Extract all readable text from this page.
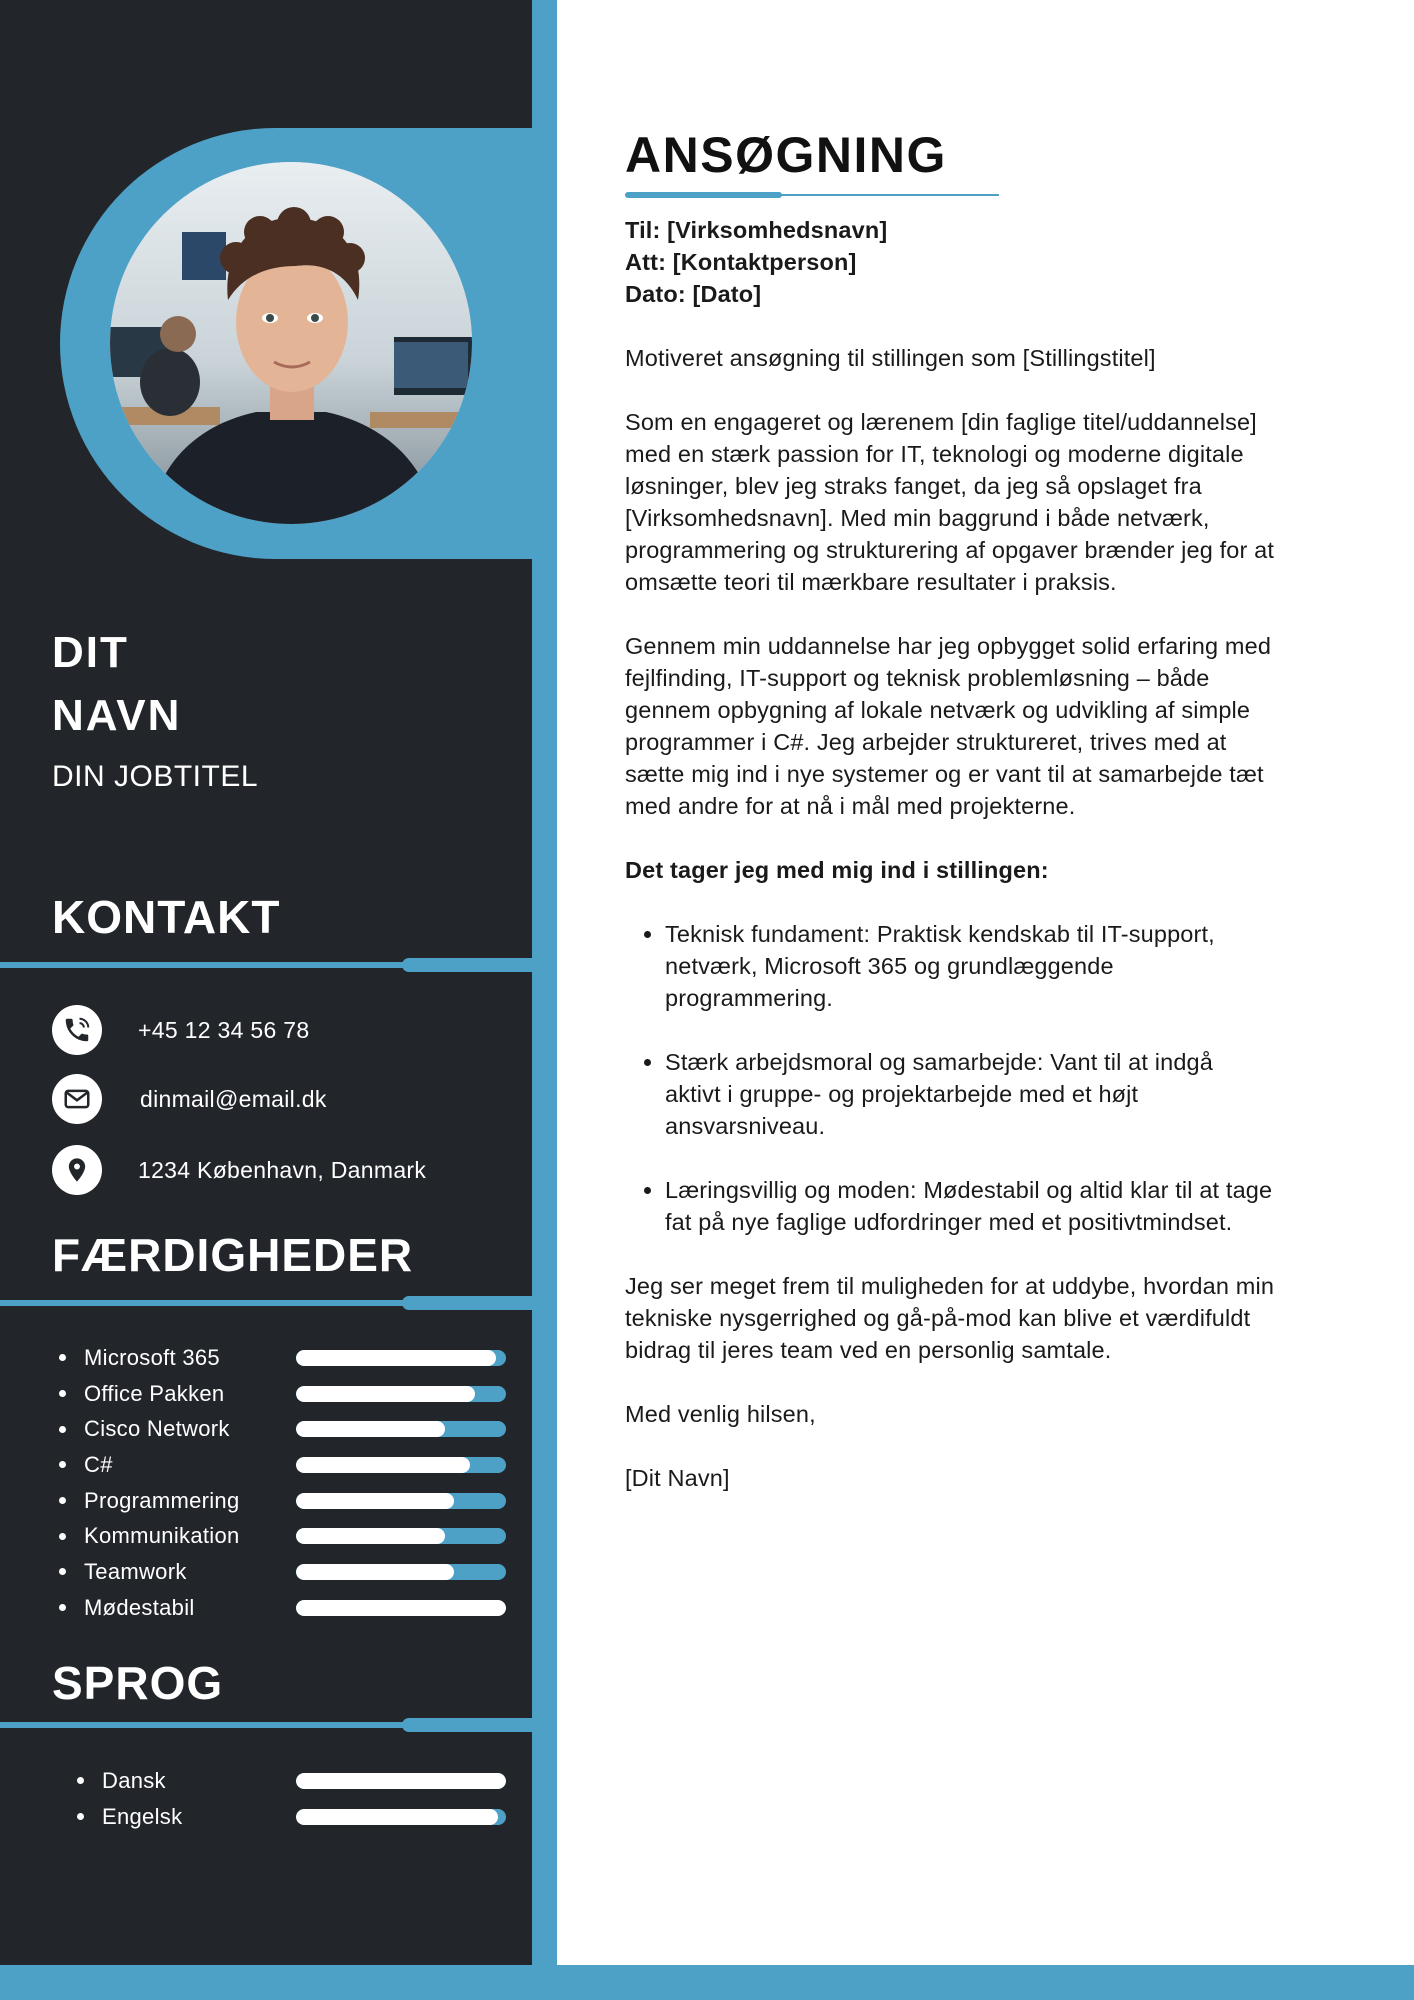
DIT

NAVN

DIN JOBTITEL

KONTAKT
+45 12 34 56 78
dinmail@email.dk
1234 København, Danmark
FÆRDIGHEDER
Microsoft 365
Office Pakken
Cisco Network
C#
Programmering
Kommunikation
Teamwork
Mødestabil
SPROG
Dansk
Engelsk
ANSØGNING

Til: [Virksomhedsnavn]

Att: [Kontaktperson]

Dato: [Dato]

Motiveret ansøgning til stillingen som [Stillingstitel]

Som en engageret og lærenem [din faglige titel/uddannelse] med en stærk passion for IT, teknologi og moderne digitale løsninger, blev jeg straks fanget, da jeg så opslaget fra [Virksomhedsnavn]. Med min baggrund i både netværk, programmering og strukturering af opgaver brænder jeg for at omsætte teori til mærkbare resultater i praksis.

Gennem min uddannelse har jeg opbygget solid erfaring med fejlfinding, IT-support og teknisk problemløsning – både gennem opbygning af lokale netværk og udvikling af simple programmer i C#. Jeg arbejder struktureret, trives med at sætte mig ind i nye systemer og er vant til at samarbejde tæt med andre for at nå i mål med projekterne.

Det tager jeg med mig ind i stillingen:

• Teknisk fundament: Praktisk kendskab til IT-support, netværk, Microsoft 365 og grundlæggende programmering.
• Stærk arbejdsmoral og samarbejde: Vant til at indgå aktivt i gruppe- og projektarbejde med et højt ansvarsniveau.
• Læringsvillig og moden: Mødestabil og altid klar til at tage fat på nye faglige udfordringer med et positivtmindset.

Jeg ser meget frem til muligheden for at uddybe, hvordan min tekniske nysgerrighed og gå-på-mod kan blive et værdifuldt bidrag til jeres team ved en personlig samtale.

Med venlig hilsen,

[Dit Navn]
